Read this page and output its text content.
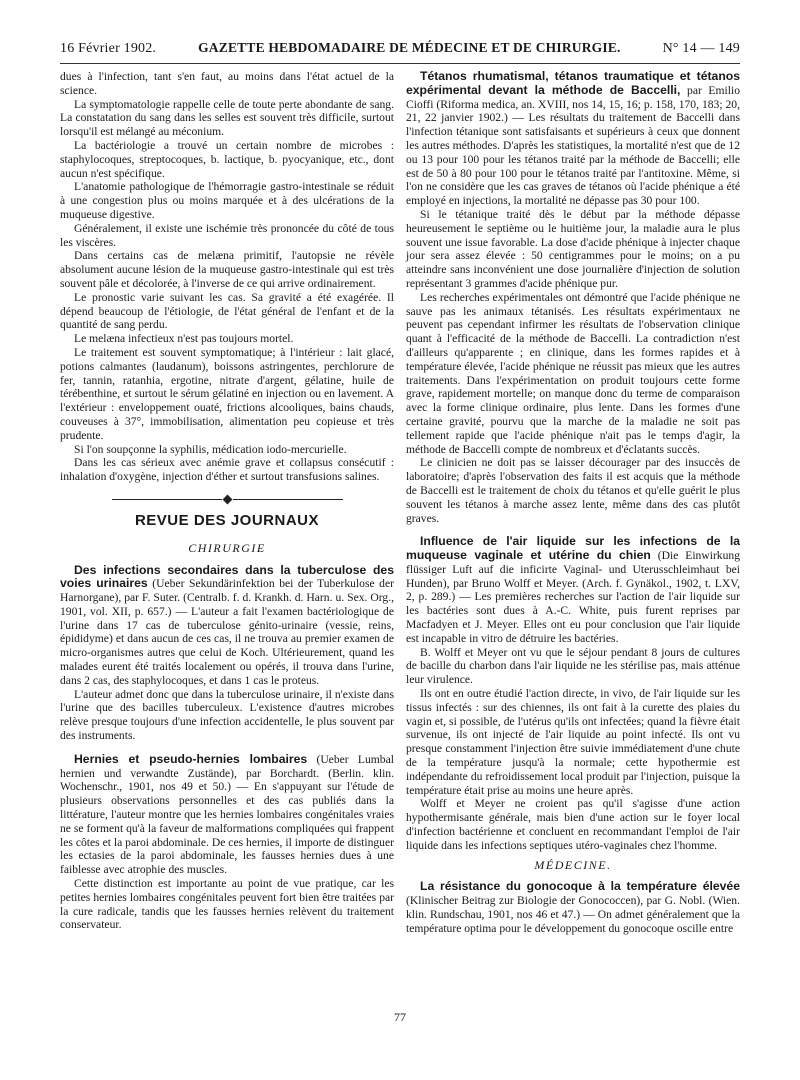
16 Février 1902.	GAZETTE HEBDOMADAIRE DE MÉDECINE ET DE CHIRURGIE.	N° 14 — 149

dues à l'infection, tant s'en faut, au moins dans l'état actuel de la science.

La symptomatologie rappelle celle de toute perte abondante de sang. La constatation du sang dans les selles est souvent très difficile, surtout lorsqu'il est mélangé au méconium.

La bactériologie a trouvé un certain nombre de microbes : staphylocoques, streptocoques, b. lactique, b. pyocyanique, etc., dont aucun n'est spécifique.

L'anatomie pathologique de l'hémorragie gastro-intestinale se réduit à une congestion plus ou moins marquée et à des ulcérations de la muqueuse digestive.

Généralement, il existe une ischémie très prononcée du côté de tous les viscères.

Dans certains cas de melæna primitif, l'autopsie ne révèle absolument aucune lésion de la muqueuse gastro-intestinale qui est très souvent pâle et décolorée, à l'inverse de ce qui arrive ordinairement.

Le pronostic varie suivant les cas. Sa gravité a été exagérée. Il dépend beaucoup de l'étiologie, de l'état général de l'enfant et de la quantité de sang perdu.

Le melæna infectieux n'est pas toujours mortel.

Le traitement est souvent symptomatique; à l'intérieur : lait glacé, potions calmantes (laudanum), boissons astringentes, perchlorure de fer, tannin, ratanhia, ergotine, nitrate d'argent, gélatine, huile de térébenthine, et surtout le sérum gélatiné en injection ou en lavement. A l'extérieur : enveloppement ouaté, frictions alcooliques, bains chauds, couveuses à 37°, immobilisation, alimentation peu copieuse et très prudente.

Si l'on soupçonne la syphilis, médication iodo-mercurielle.

Dans les cas sérieux avec anémie grave et collapsus consécutif : inhalation d'oxygène, injection d'éther et surtout transfusions salines.

REVUE DES JOURNAUX
CHIRURGIE

Des infections secondaires dans la tuberculose des voies urinaires (Ueber Sekundärinfektion bei der Tuberkulose der Harnorgane), par F. Suter. (Centralb. f. d. Krankh. d. Harn. u. Sex. Org., 1901, vol. XII, p. 657.) — L'auteur a fait l'examen bactériologique de l'urine dans 17 cas de tuberculose génito-urinaire (vessie, reins, épididyme) et dans aucun de ces cas, il ne trouva au premier examen de micro-organismes autres que celui de Koch. Ultérieurement, quand les malades eurent été traités localement ou opérés, il trouva dans l'urine, dans 2 cas, des staphylocoques, et dans 1 cas le proteus.

L'auteur admet donc que dans la tuberculose urinaire, il n'existe dans l'urine que des bacilles tuberculeux. L'existence d'autres microbes relève presque toujours d'une infection accidentelle, le plus souvent par des instruments.

Hernies et pseudo-hernies lombaires (Ueber Lumbal hernien und verwandte Zustände), par Borchardt. (Berlin. klin. Wochenschr., 1901, nos 49 et 50.) — En s'appuyant sur l'étude de plusieurs observations personnelles et des cas publiés dans la littérature, l'auteur montre que les hernies lombaires congénitales vraies ne se forment qu'à la faveur de malformations compliquées qui frappent les côtes et la paroi abdominale. De ces hernies, il importe de distinguer les ectasies de la paroi abdominale, les fausses hernies dues à une faiblesse avec atrophie des muscles.

Cette distinction est importante au point de vue pratique, car les petites hernies lombaires congénitales peuvent fort bien être traitées par la cure radicale, tandis que les fausses hernies relèvent du traitement conservateur.

Tétanos rhumatismal, tétanos traumatique et tétanos expérimental devant la méthode de Baccelli, par Emilio Cioffi (Riforma medica, an. XVIII, nos 14, 15, 16; p. 158, 170, 183; 20, 21, 22 janvier 1902.) — Les résultats du traitement de Baccelli dans l'infection tétanique sont satisfaisants et supérieurs à ceux que donnent les autres méthodes. D'après les statistiques, la mortalité n'est que de 12 ou 13 pour 100 pour les tétanos traité par la méthode de Baccelli; elle est de 50 à 80 pour 100 pour le tétanos traité par l'antitoxine. Même, si l'on ne considère que les cas graves de tétanos où l'acide phénique a été employé en injections, la mortalité ne dépasse pas 30 pour 100.

Si le tétanique traité dès le début par la méthode dépasse heureusement le septième ou le huitième jour, la maladie aura le plus souvent une issue favorable. La dose d'acide phénique à injecter chaque jour sera assez élevée : 50 centigrammes pour le moins; on a pu atteindre sans inconvénient une dose journalière d'injection de solution représentant 3 grammes d'acide phénique pur.

Les recherches expérimentales ont démontré que l'acide phénique ne sauve pas les animaux tétanisés. Les résultats expérimentaux ne peuvent pas cependant infirmer les résultats de l'observation clinique quant à l'efficacité de la méthode de Baccelli. La contradiction n'est d'ailleurs qu'apparente ; en clinique, dans les formes rapides et à température élevée, l'acide phénique ne réussit pas mieux que les autres traitements. Dans l'expérimentation on produit toujours cette forme grave, rapidement mortelle; on manque donc du terme de comparaison avec la forme clinique ordinaire, plus lente. Dans les formes d'une certaine gravité, pourvu que la marche de la maladie ne soit pas tellement rapide que l'acide phénique n'ait pas le temps d'agir, la méthode de Baccelli compte de nombreux et d'éclatants succès.

Le clinicien ne doit pas se laisser décourager par des insuccès de laboratoire; d'après l'observation des faits il est acquis que la méthode de Baccelli est le traitement de choix du tétanos et qu'elle guérit le plus souvent les tétanos à marche assez lente, même dans des cas plutôt graves.

Influence de l'air liquide sur les infections de la muqueuse vaginale et utérine du chien (Die Einwirkung flüssiger Luft auf die inficirte Vaginal- und Uterusschleimhaut bei Hunden), par Bruno Wolff et Meyer. (Arch. f. Gynäkol., 1902, t. LXV, 2, p. 289.) — Les premières recherches sur l'action de l'air liquide sur les bactéries sont dues à A.-C. White, puis furent reprises par Macfadyen et J. Meyer. Elles ont eu pour conclusion que l'air liquide est incapable in vitro de détruire les bactéries.

B. Wolff et Meyer ont vu que le séjour pendant 8 jours de cultures de bacille du charbon dans l'air liquide ne les stérilise pas, mais atténue leur virulence.

Ils ont en outre étudié l'action directe, in vivo, de l'air liquide sur les tissus infectés : sur des chiennes, ils ont fait à la curette des plaies du vagin et, si possible, de l'utérus qu'ils ont infectées; quand la fièvre était survenue, ils ont injecté de l'air liquide au point infecté. Ils ont vu presque constamment l'injection être suivie immédiatement d'une chute de la température jusqu'à la normale; cette hypothermie est indépendante du refroidissement local produit par l'injection, puisque la température était prise au moins une heure après.

Wolff et Meyer ne croient pas qu'il s'agisse d'une action hypothermisante générale, mais bien d'une action sur le foyer local d'infection bactérienne et concluent en recommandant l'emploi de l'air liquide dans les infections septiques utéro-vaginales chez l'homme.

MÉDECINE.

La résistance du gonocoque à la température élevée (Klinischer Beitrag zur Biologie der Gonococcen), par G. Nobl. (Wien. klin. Rundschau, 1901, nos 46 et 47.) — On admet généralement que la température optima pour le développement du gonocoque oscille entre

77
